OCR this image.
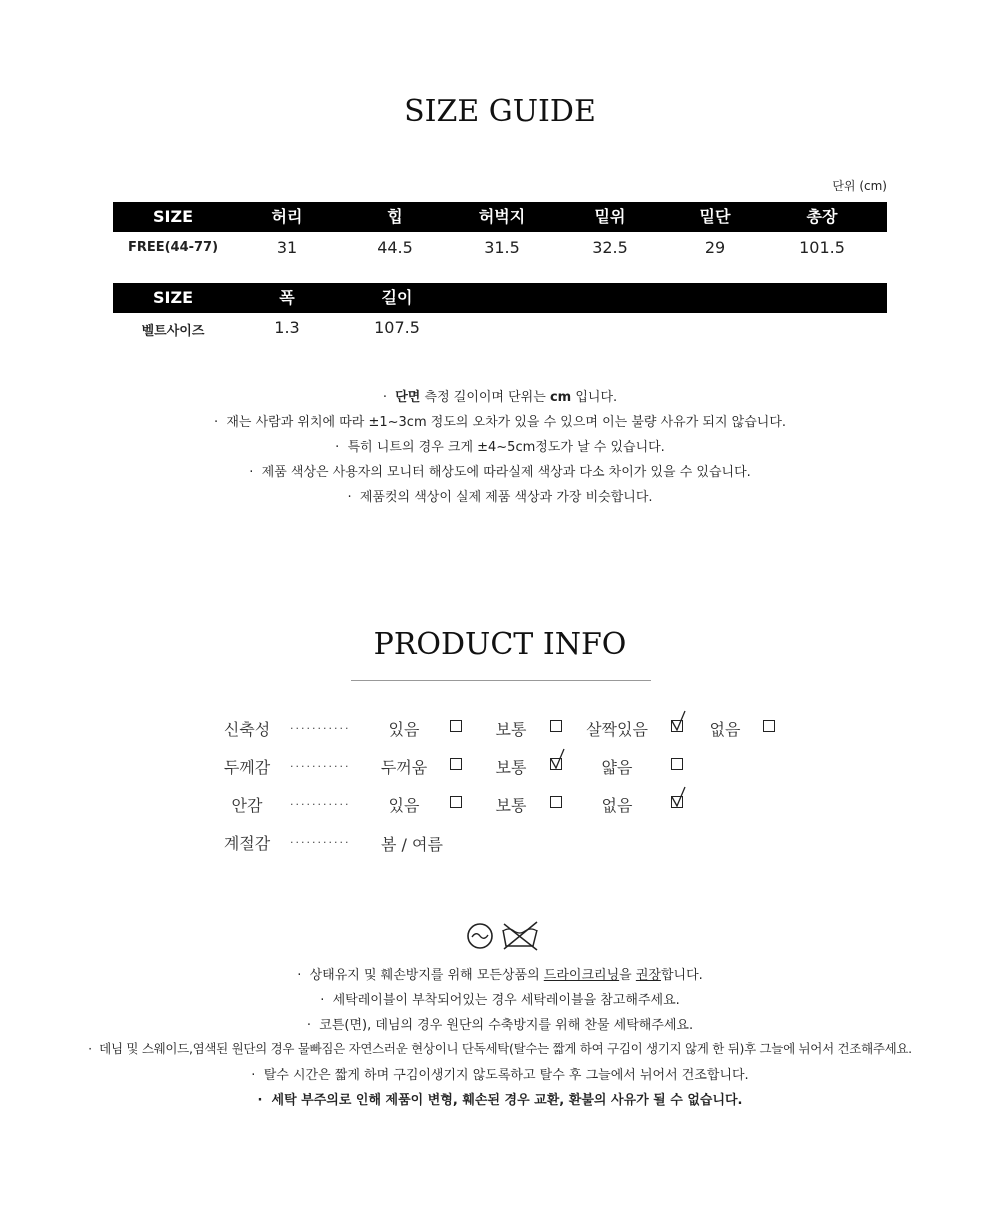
SIZE GUIDE
단위 (cm)
SIZE	허리	힙	허벅지	밑위	밑단	총장
FREE(44-77)	31	44.5	31.5	32.5	29	101.5
SIZE	폭	길이
벨트사이즈	1.3	107.5
· 단면 측정 길이이며 단위는 cm 입니다.
· 재는 사람과 위치에 따라 ±1~3cm 정도의 오차가 있을 수 있으며 이는 불량 사유가 되지 않습니다.
· 특히 니트의 경우 크게 ±4~5cm정도가 날 수 있습니다.
· 제품 색상은 사용자의 모니터 해상도에 따라실제 색상과 다소 차이가 있을 수 있습니다.
· 제품컷의 색상이 실제 제품 색상과 가장 비슷합니다.
PRODUCT INFO
신축성	........... 있음	보통	살짝있음	없음
두께감	........... 두꺼움	보통	얇음
안감	........... 있음	보통	없음
계절감	........... 봄 / 여름
· 상태유지 및 훼손방지를 위해 모든상품의 드라이크리닝을 권장합니다.
· 세탁레이블이 부착되어있는 경우 세탁레이블을 참고해주세요.
· 코튼(면), 데님의 경우 원단의 수축방지를 위해 찬물 세탁해주세요.
· 데님 및 스웨이드,염색된 원단의 경우 물빠짐은 자연스러운 현상이니 단독세탁(탈수는 짧게 하여 구김이 생기지 않게 한 뒤)후 그늘에 뉘어서 건조해주세요.
· 탈수 시간은 짧게 하며 구김이생기지 않도록하고 탈수 후 그늘에서 뉘어서 건조합니다.
· 세탁 부주의로 인해 제품이 변형, 훼손된 경우 교환, 환불의 사유가 될 수 없습니다.
